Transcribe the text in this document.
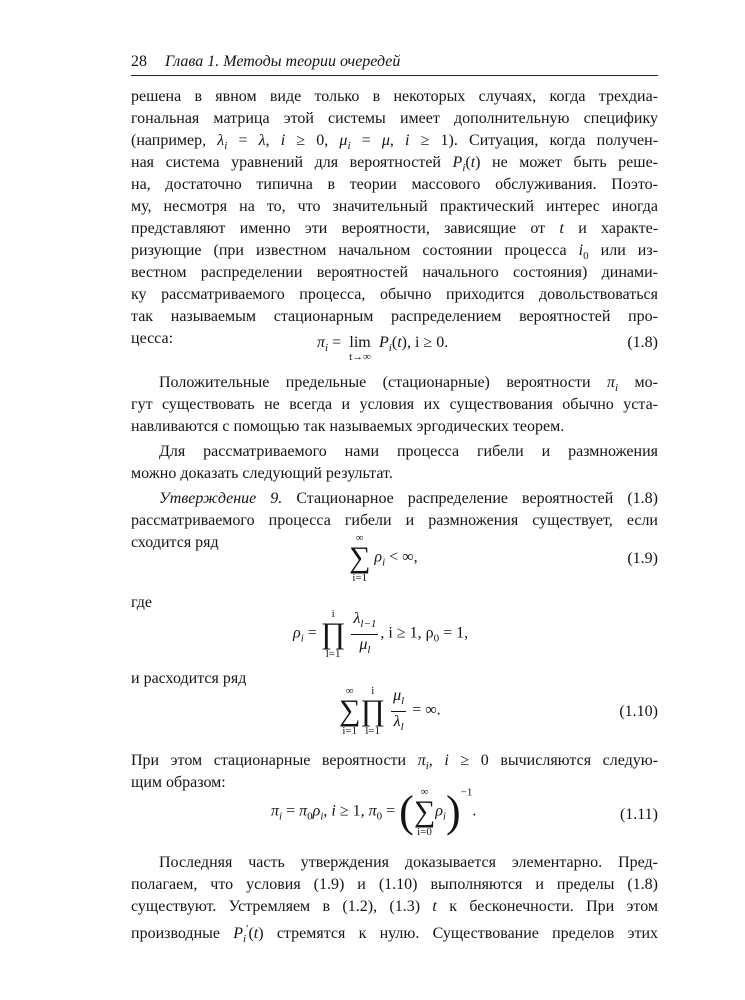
28 Глава 1. Методы теории очередей
решена в явном виде только в некоторых случаях, когда трехдиа-
гональная матрица этой системы имеет дополнительную специфику
(например, $\lambda_i = \lambda$, i ≥ 0, $\mu_i = \mu$, i ≥ 1). Ситуация, когда получен-
ная система уравнений для вероятностей $P_i(t)$ не может быть реше-
на, достаточно типична в теории массового обслуживания. Поэто-
му, несмотря на то, что значительный практический интерес иногда
представляют именно эти вероятности, зависящие от t и характе-
ризующие (при известном начальном состоянии процесса $i_0$ или из-
вестном распределении вероятностей начального состояния) динами-
ку рассматриваемого процесса, обычно приходится довольствоваться
так называемым стационарным распределением вероятностей про-
цесса:	$\pi_i = \lim$
t→∞
$P_i(t)$, i ≥ 0.	(1.8)
Положительные предельные (стационарные) вероятности $\pi_i$ мо-
гут существовать не всегда и условия их существования обычно уста-
навливаются с помощью так называемых эргодических теорем.
Для рассматриваемого нами процесса гибели и размножения
можно доказать следующий результат.
Утверждение 9. Стационарное распределение вероятностей (1.8)
рассматриваемого процесса гибели и размножения существует, если
сходится ряд	∞
∑
i=1
$\rho_i$ < ∞,	(1.9)
где
$\rho_i$ =
i
∏
l=1
$\frac{\lambda_{l-1}}{\mu_l}$ , i ≥ 1, $\rho_0 = 1$,
и расходится ряд
∞
∑
i=1
i
∏
l=1
$\frac{\mu_l}{\lambda_l}$ = ∞.	(1.10)
При этом стационарные вероятности $\pi_i$, i ≥ 0 вычисляются следую-
щим образом:
$\pi_i = \pi_0\rho_i$, i ≥ 1, $\pi_0$ = ( ∞
∑
i=0
$\rho_i)^{-1}$.	(1.11)
Последняя часть утверждения доказывается элементарно. Пред-
полагаем, что условия (1.9) и (1.10) выполняются и пределы (1.8)
существуют. Устремляем в (1.2), (1.3) t к бесконечности. При этом
производные $P_i'(t)$ стремятся к нулю. Существование пределов этих
